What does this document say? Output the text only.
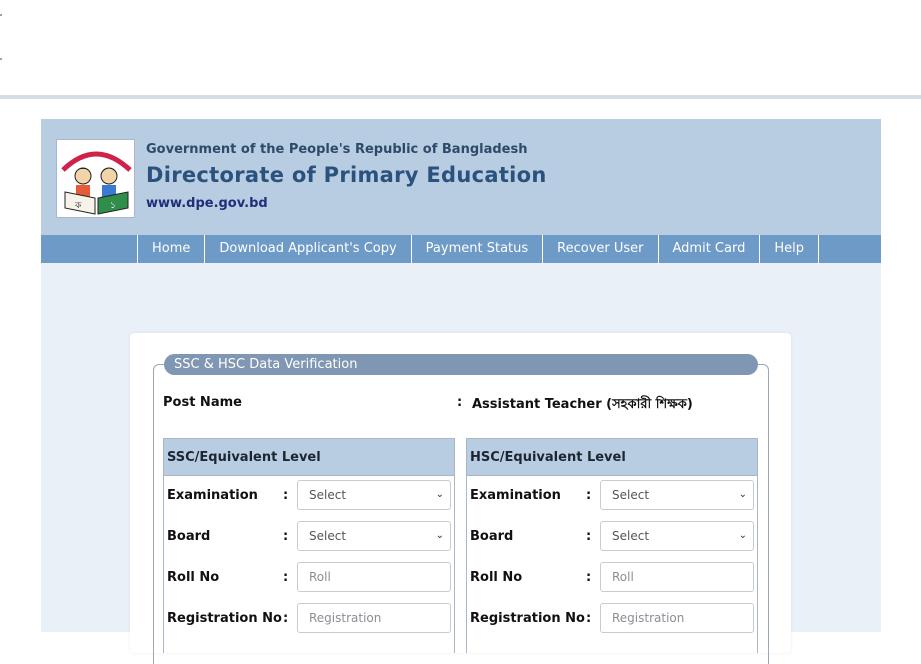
ক	১
Government of the People's Republic of Bangladesh
Directorate of Primary Education
www.dpe.gov.bd
Home	Download Applicant's Copy	Payment Status	Recover User	Admit Card	Help
SSC & HSC Data Verification
Post Name	: Assistant Teacher (সহকারী শিক্ষক)
SSC/Equivalent Level
Examination :	Select	⌄
Board	:	Select	⌄
Roll No	:	Roll
Registration No :	Registration
HSC/Equivalent Level
Examination :	Select	⌄
Board	:	Select	⌄
Roll No	:	Roll
Registration No :	Registration
